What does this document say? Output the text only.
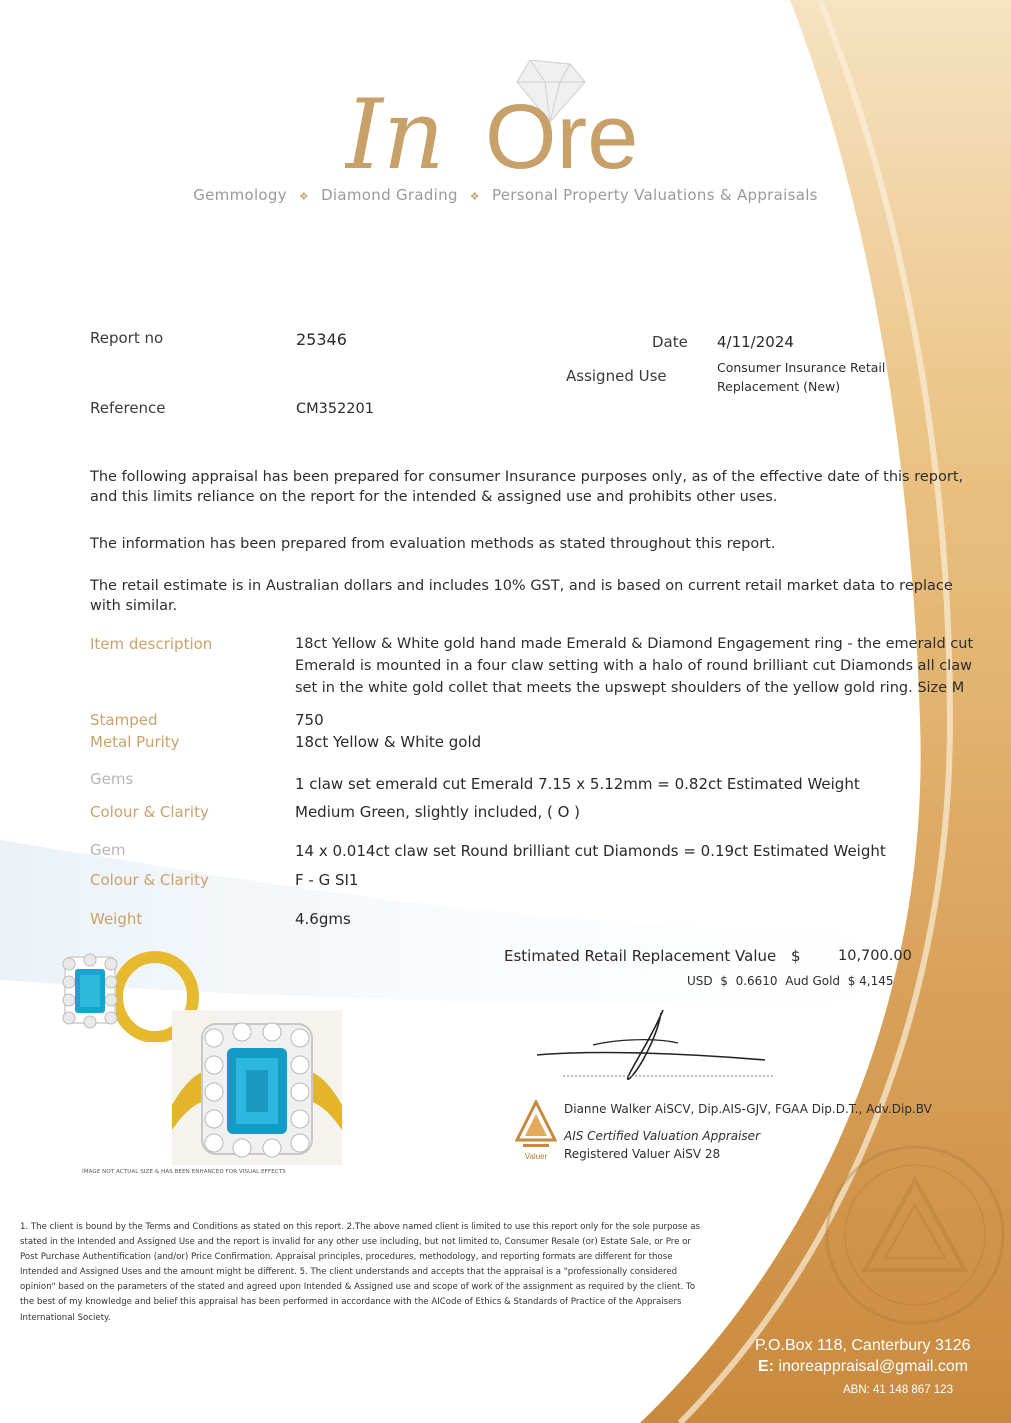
In Ore
Gemmology ❖ Diamond Grading ❖ Personal Property Valuations & Appraisals
Report no	25346	Date 4/11/2024
Assigned Use	Consumer Insurance Retail
Replacement (New)
Reference	CM352201
The following appraisal has been prepared for consumer Insurance purposes only, as of the effective date of this report, and this limits reliance on the report for the intended & assigned use and prohibits other uses.
The information has been prepared from evaluation methods as stated throughout this report.
The retail estimate is in Australian dollars and includes 10% GST, and is based on current retail market data to replace with similar.
Item description	18ct Yellow & White gold hand made Emerald & Diamond Engagement ring - the emerald cut Emerald is mounted in a four claw setting with a halo of round brilliant cut Diamonds all claw set in the white gold collet that meets the upswept shoulders of the yellow gold ring. Size M
Stamped	750
Metal Purity	18ct Yellow & White gold
Gems	1 claw set emerald cut Emerald 7.15 x 5.12mm = 0.82ct Estimated Weight
Colour & Clarity	Medium Green, slightly included, ( O )
Gem	14 x 0.014ct claw set Round brilliant cut Diamonds = 0.19ct Estimated Weight
Colour & Clarity	F - G SI1
Weight	4.6gms
Estimated Retail Replacement Value $	10,700.00
USD $ 0.6610 Aud Gold $ 4,145
IMAGE NOT ACTUAL SIZE & HAS BEEN ENHANCED FOR VISUAL EFFECTS
Valuer
Dianne Walker AiSCV, Dip.AIS-GJV, FGAA Dip.D.T., Adv.Dip.BV
AIS Certified Valuation Appraiser
Registered Valuer AiSV 28
1. The client is bound by the Terms and Conditions as stated on this report. 2.The above named client is limited to use this report only for the sole purpose as stated in the Intended and Assigned Use and the report is invalid for any other use including, but not limited to, Consumer Resale (or) Estate Sale, or Pre or Post Purchase Authentification (and/or) Price Confirmation. Appraisal principles, procedures, methodology, and reporting formats are different for those Intended and Assigned Uses and the amount might be different. 5. The client understands and accepts that the appraisal is a "professionally considered opinion" based on the parameters of the stated and agreed upon Intended & Assigned use and scope of work of the assignment as required by the client. To the best of my knowledge and belief this appraisal has been performed in accordance with the AICode of Ethics & Standards of Practice of the Appraisers International Society.
P.O.Box 118, Canterbury 3126
E: inoreappraisal@gmail.com
ABN: 41 148 867 123
